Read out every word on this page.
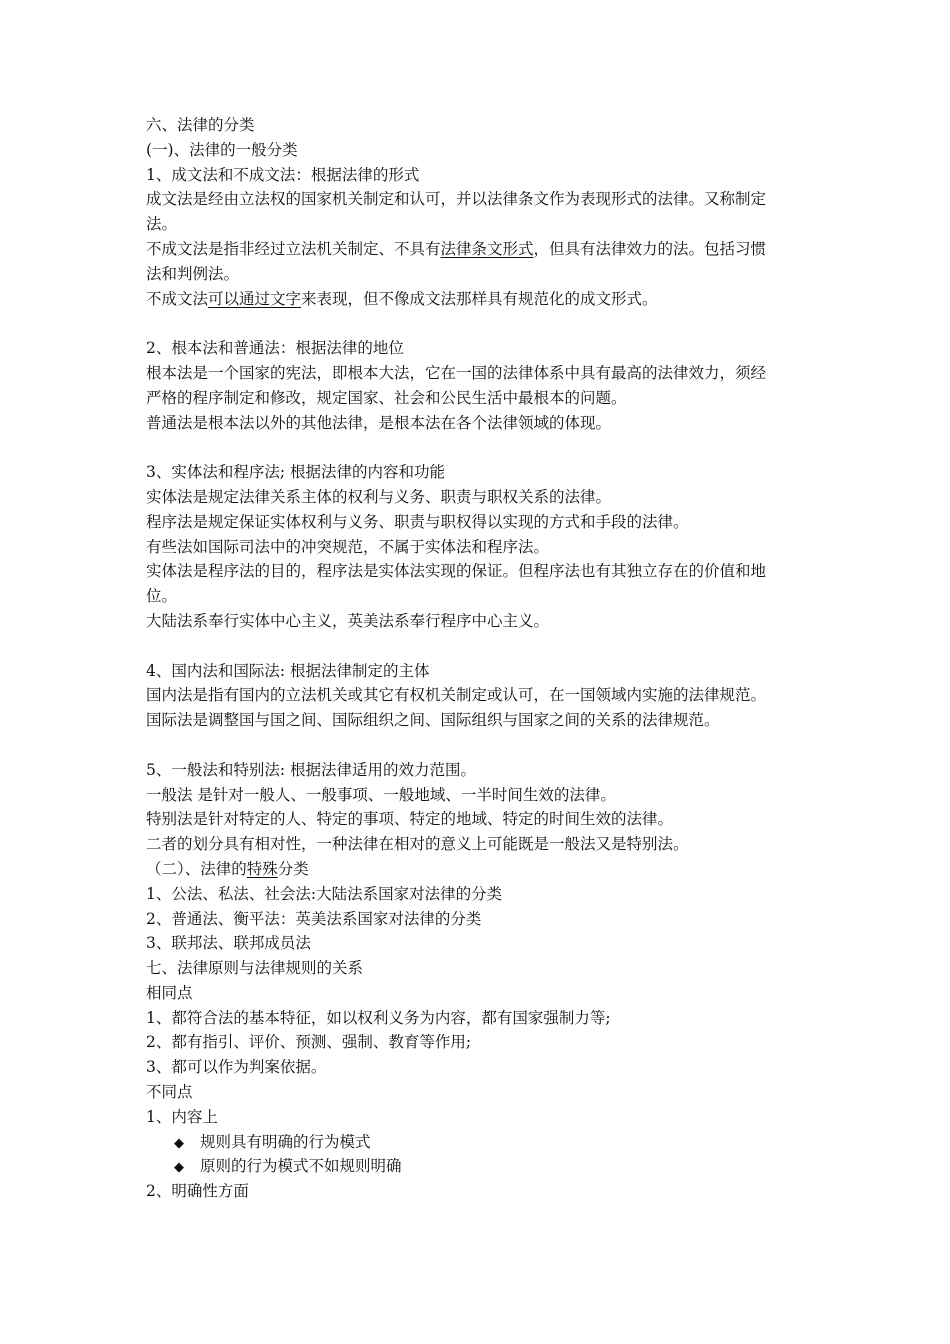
六、法律的分类
(一)、法律的一般分类
1、成文法和不成文法：根据法律的形式
成文法是经由立法权的国家机关制定和认可，并以法律条文作为表现形式的法律。又称制定
法。
不成文法是指非经过立法机关制定、不具有法律条文形式，但具有法律效力的法。包括习惯
法和判例法。
不成文法可以通过文字来表现，但不像成文法那样具有规范化的成文形式。
2、根本法和普通法：根据法律的地位
根本法是一个国家的宪法，即根本大法，它在一国的法律体系中具有最高的法律效力，须经
严格的程序制定和修改，规定国家、社会和公民生活中最根本的问题。
普通法是根本法以外的其他法律，是根本法在各个法律领域的体现。
3、实体法和程序法; 根据法律的内容和功能
实体法是规定法律关系主体的权利与义务、职责与职权关系的法律。
程序法是规定保证实体权利与义务、职责与职权得以实现的方式和手段的法律。
有些法如国际司法中的冲突规范，不属于实体法和程序法。
实体法是程序法的目的，程序法是实体法实现的保证。但程序法也有其独立存在的价值和地
位。
大陆法系奉行实体中心主义，英美法系奉行程序中心主义。
4、国内法和国际法: 根据法律制定的主体
国内法是指有国内的立法机关或其它有权机关制定或认可，在一国领域内实施的法律规范。
国际法是调整国与国之间、国际组织之间、国际组织与国家之间的关系的法律规范。
5、一般法和特别法: 根据法律适用的效力范围。
一般法 是针对一般人、一般事项、一般地域、一半时间生效的法律。
特别法是针对特定的人、特定的事项、特定的地域、特定的时间生效的法律。
二者的划分具有相对性，一种法律在相对的意义上可能既是一般法又是特别法。
（二）、法律的特殊分类
1、公法、私法、社会法:大陆法系国家对法律的分类
2、普通法、衡平法：英美法系国家对法律的分类
3、联邦法、联邦成员法
七、法律原则与法律规则的关系
相同点
1、都符合法的基本特征，如以权利义务为内容，都有国家强制力等;
2、都有指引、评价、预测、强制、教育等作用;
3、都可以作为判案依据。
不同点
1、内容上
◆ 规则具有明确的行为模式
◆ 原则的行为模式不如规则明确
2、明确性方面
